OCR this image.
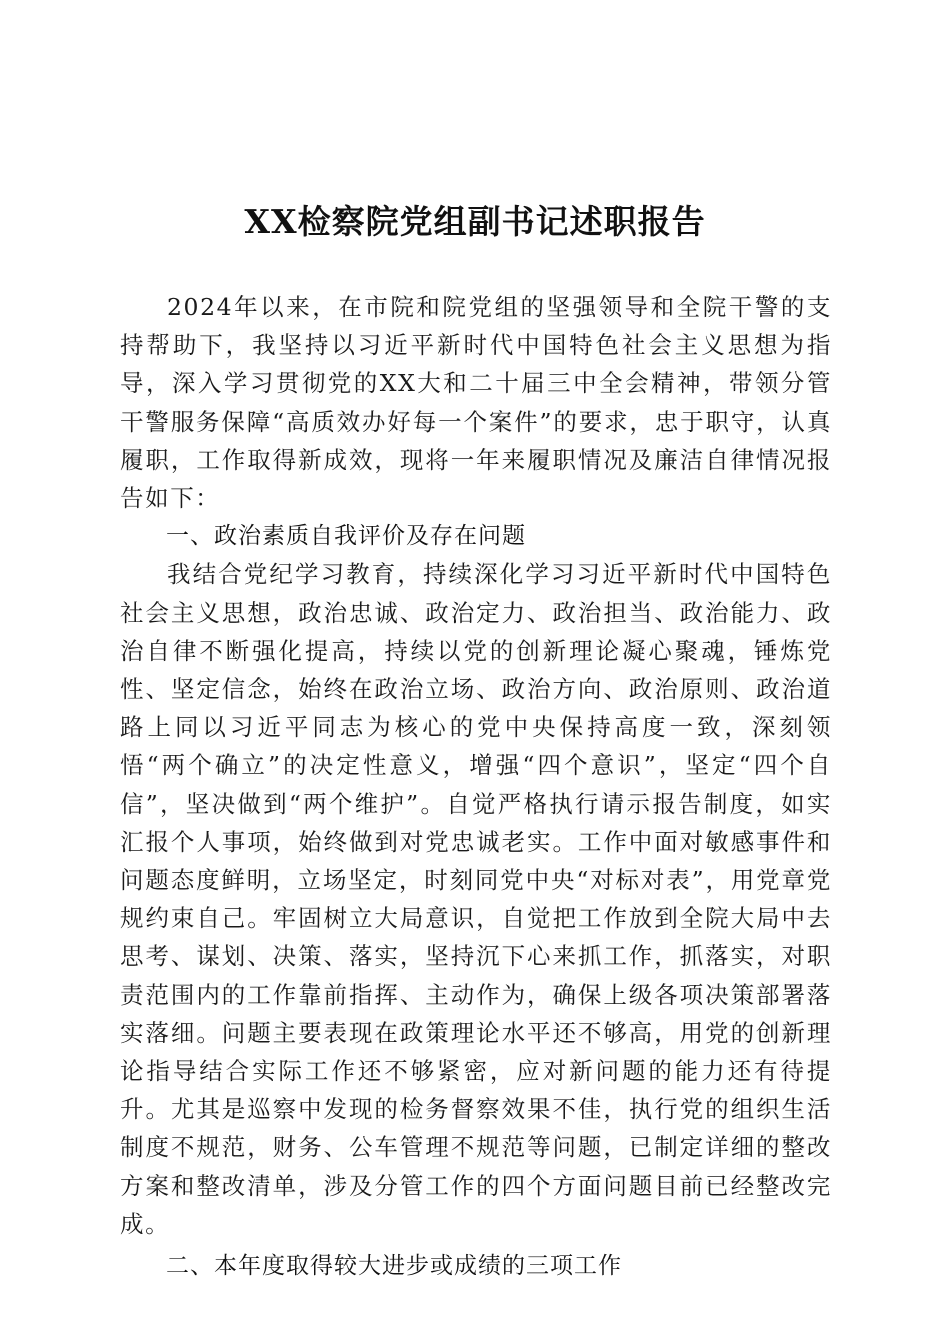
XX检察院党组副书记述职报告

2024年以来，在市院和院党组的坚强领导和全院干警的支持帮助下，我坚持以习近平新时代中国特色社会主义思想为指导，深入学习贯彻党的XX大和二十届三中全会精神，带领分管干警服务保障“高质效办好每一个案件”的要求，忠于职守，认真履职，工作取得新成效，现将一年来履职情况及廉洁自律情况报告如下：

一、政治素质自我评价及存在问题

我结合党纪学习教育，持续深化学习习近平新时代中国特色社会主义思想，政治忠诚、政治定力、政治担当、政治能力、政治自律不断强化提高，持续以党的创新理论凝心聚魂，锤炼党性、坚定信念，始终在政治立场、政治方向、政治原则、政治道路上同以习近平同志为核心的党中央保持高度一致，深刻领悟“两个确立”的决定性意义，增强“四个意识”，坚定“四个自信”，坚决做到“两个维护”。自觉严格执行请示报告制度，如实汇报个人事项，始终做到对党忠诚老实。工作中面对敏感事件和问题态度鲜明，立场坚定，时刻同党中央“对标对表”，用党章党规约束自己。牢固树立大局意识，自觉把工作放到全院大局中去思考、谋划、决策、落实，坚持沉下心来抓工作，抓落实，对职责范围内的工作靠前指挥、主动作为，确保上级各项决策部署落实落细。问题主要表现在政策理论水平还不够高，用党的创新理论指导结合实际工作还不够紧密，应对新问题的能力还有待提升。尤其是巡察中发现的检务督察效果不佳，执行党的组织生活制度不规范，财务、公车管理不规范等问题，已制定详细的整改方案和整改清单，涉及分管工作的四个方面问题目前已经整改完成。

二、本年度取得较大进步或成绩的三项工作
